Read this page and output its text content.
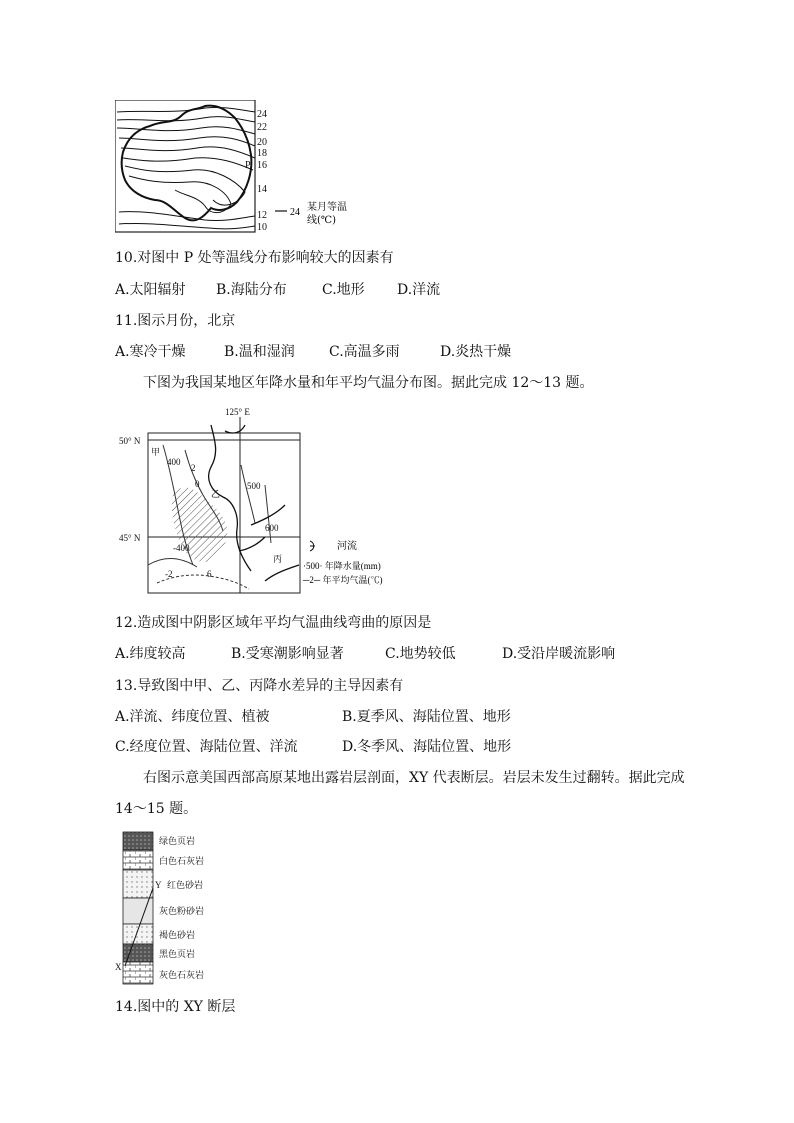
24
22
20
18
16
14
12
10
P
24 某月等温
线(℃)
10.对图中 P 处等温线分布影响较大的因素有
A.太阳辐射 B.海陆分布	C.地形 D.洋流
11.图示月份，北京
A.寒冷干燥	B.温和湿润 C.高温多雨	D.炎热干燥
下图为我国某地区年降水量和年平均气温分布图。据此完成 12～13 题。
125° E
50° N
45° N
甲
乙
丙
400
2
0	500
600
-400
-2	6
河流
·500· 年降水量(mm)
─2─ 年平均气温(℃)
12.造成图中阴影区域年平均气温曲线弯曲的原因是
A.纬度较高	B.受寒潮影响显著	C.地势较低	D.受沿岸暖流影响
13.导致图中甲、乙、丙降水差异的主导因素有
A.洋流、纬度位置、植被	B.夏季风、海陆位置、地形
C.经度位置、海陆位置、洋流	D.冬季风、海陆位置、地形
右图示意美国西部高原某地出露岩层剖面，XY 代表断层。岩层未发生过翻转。据此完成
14～15 题。
绿色页岩
白色石灰岩
红色砂岩
灰色粉砂岩
褐色砂岩
黑色页岩
灰色石灰岩
Y
X
14.图中的 XY 断层
